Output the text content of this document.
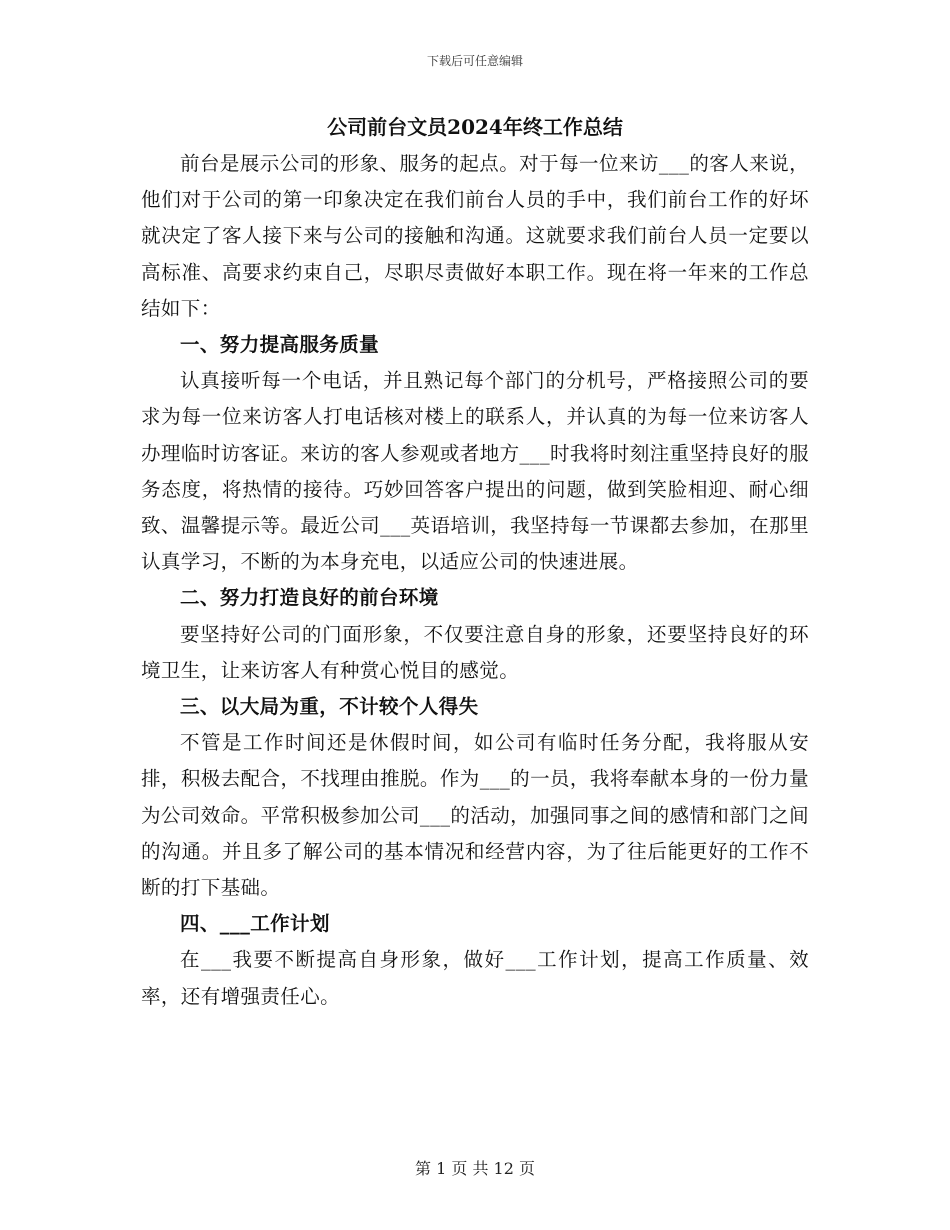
下载后可任意编辑
公司前台文员2024年终工作总结

前台是展示公司的形象、服务的起点。对于每一位来访___的客人来说，他们对于公司的第一印象决定在我们前台人员的手中，我们前台工作的好坏就决定了客人接下来与公司的接触和沟通。这就要求我们前台人员一定要以高标准、高要求约束自己，尽职尽责做好本职工作。现在将一年来的工作总结如下：

一、努力提高服务质量

认真接听每一个电话，并且熟记每个部门的分机号，严格接照公司的要求为每一位来访客人打电话核对楼上的联系人，并认真的为每一位来访客人办理临时访客证。来访的客人参观或者地方___时我将时刻注重坚持良好的服务态度，将热情的接待。巧妙回答客户提出的问题，做到笑脸相迎、耐心细致、温馨提示等。最近公司___英语培训，我坚持每一节课都去参加，在那里认真学习，不断的为本身充电，以适应公司的快速进展。

二、努力打造良好的前台环境

要坚持好公司的门面形象，不仅要注意自身的形象，还要坚持良好的环境卫生，让来访客人有种赏心悦目的感觉。

三、以大局为重，不计较个人得失

不管是工作时间还是休假时间，如公司有临时任务分配，我将服从安排，积极去配合，不找理由推脱。作为___的一员，我将奉献本身的一份力量为公司效命。平常积极参加公司___的活动，加强同事之间的感情和部门之间的沟通。并且多了解公司的基本情况和经营内容，为了往后能更好的工作不断的打下基础。

四、___工作计划

在___我要不断提高自身形象，做好___工作计划，提高工作质量、效率，还有增强责任心。

第 1 页 共 12 页
